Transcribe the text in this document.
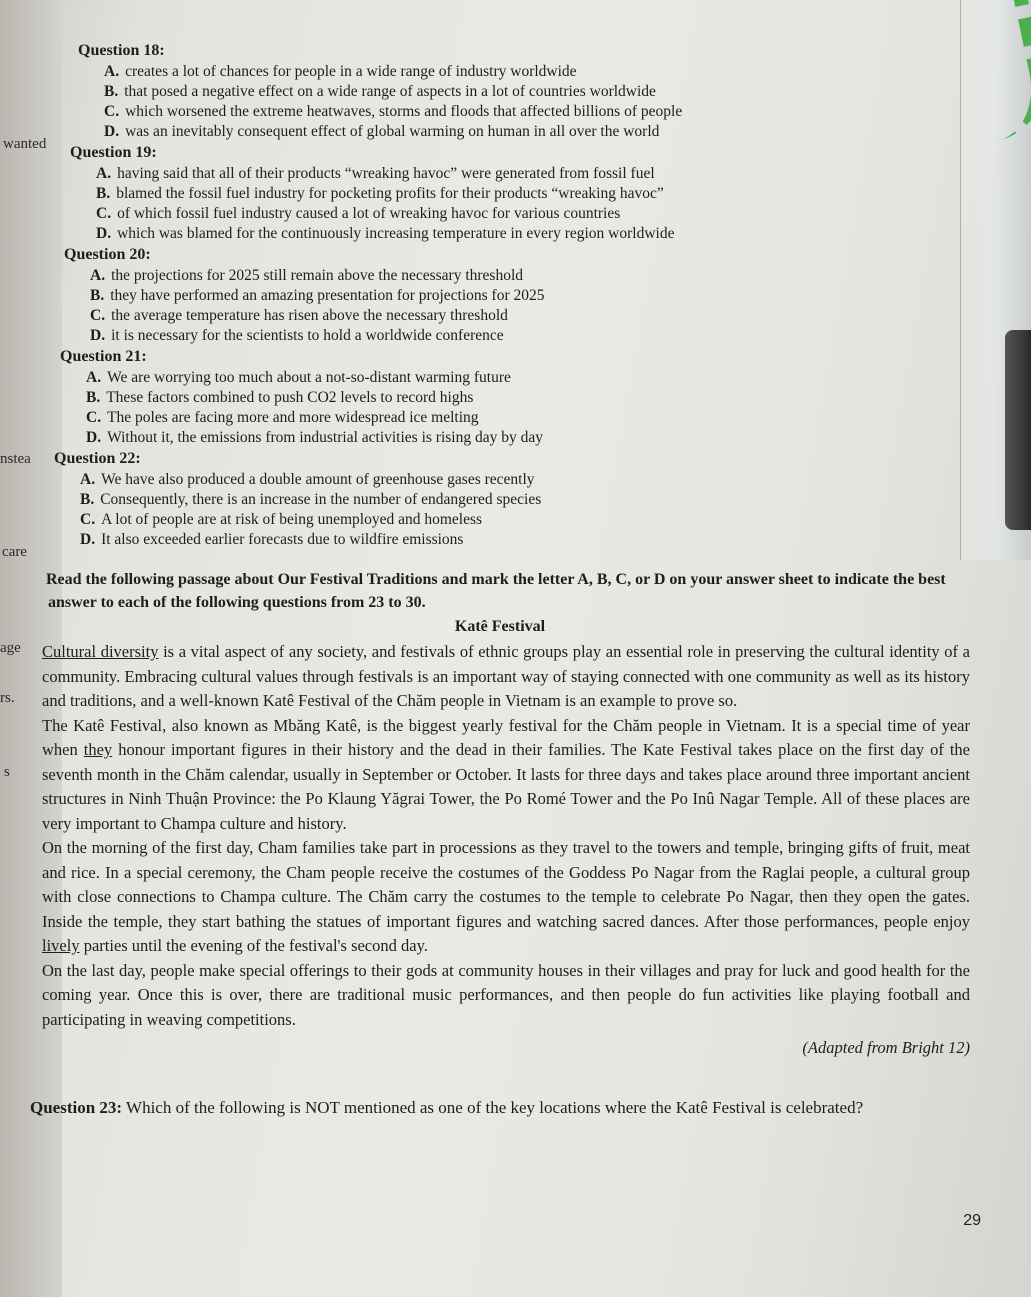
wanted
nstea
care
age
rs.
s
Question 18:
A. creates a lot of chances for people in a wide range of industry worldwide
B. that posed a negative effect on a wide range of aspects in a lot of countries worldwide
C. which worsened the extreme heatwaves, storms and floods that affected billions of people
D. was an inevitably consequent effect of global warming on human in all over the world
Question 19:
A. having said that all of their products “wreaking havoc” were generated from fossil fuel
B. blamed the fossil fuel industry for pocketing profits for their products “wreaking havoc”
C. of which fossil fuel industry caused a lot of wreaking havoc for various countries
D. which was blamed for the continuously increasing temperature in every region worldwide
Question 20:
A. the projections for 2025 still remain above the necessary threshold
B. they have performed an amazing presentation for projections for 2025
C. the average temperature has risen above the necessary threshold
D. it is necessary for the scientists to hold a worldwide conference
Question 21:
A. We are worrying too much about a not-so-distant warming future
B. These factors combined to push CO2 levels to record highs
C. The poles are facing more and more widespread ice melting
D. Without it, the emissions from industrial activities is rising day by day
Question 22:
A. We have also produced a double amount of greenhouse gases recently
B. Consequently, there is an increase in the number of endangered species
C. A lot of people are at risk of being unemployed and homeless
D. It also exceeded earlier forecasts due to wildfire emissions
Read the following passage about Our Festival Traditions and mark the letter A, B, C, or D on your answer sheet to indicate the best answer to each of the following questions from 23 to 30.
Katê Festival

Cultural diversity is a vital aspect of any society, and festivals of ethnic groups play an essential role in preserving the cultural identity of a community. Embracing cultural values through festivals is an important way of staying connected with one community as well as its history and traditions, and a well-known Katê Festival of the Chăm people in Vietnam is an example to prove so.

The Katê Festival, also known as Mbăng Katê, is the biggest yearly festival for the Chăm people in Vietnam. It is a special time of year when they honour important figures in their history and the dead in their families. The Kate Festival takes place on the first day of the seventh month in the Chăm calendar, usually in September or October. It lasts for three days and takes place around three important ancient structures in Ninh Thuận Province: the Po Klaung Yăgrai Tower, the Po Romé Tower and the Po Inû Nagar Temple. All of these places are very important to Champa culture and history.

On the morning of the first day, Cham families take part in processions as they travel to the towers and temple, bringing gifts of fruit, meat and rice. In a special ceremony, the Cham people receive the costumes of the Goddess Po Nagar from the Raglai people, a cultural group with close connections to Champa culture. The Chăm carry the costumes to the temple to celebrate Po Nagar, then they open the gates. Inside the temple, they start bathing the statues of important figures and watching sacred dances. After those performances, people enjoy lively parties until the evening of the festival's second day.

On the last day, people make special offerings to their gods at community houses in their villages and pray for luck and good health for the coming year. Once this is over, there are traditional music performances, and then people do fun activities like playing football and participating in weaving competitions.

(Adapted from Bright 12)
Question 23: Which of the following is NOT mentioned as one of the key locations where the Katê Festival is celebrated?
29
